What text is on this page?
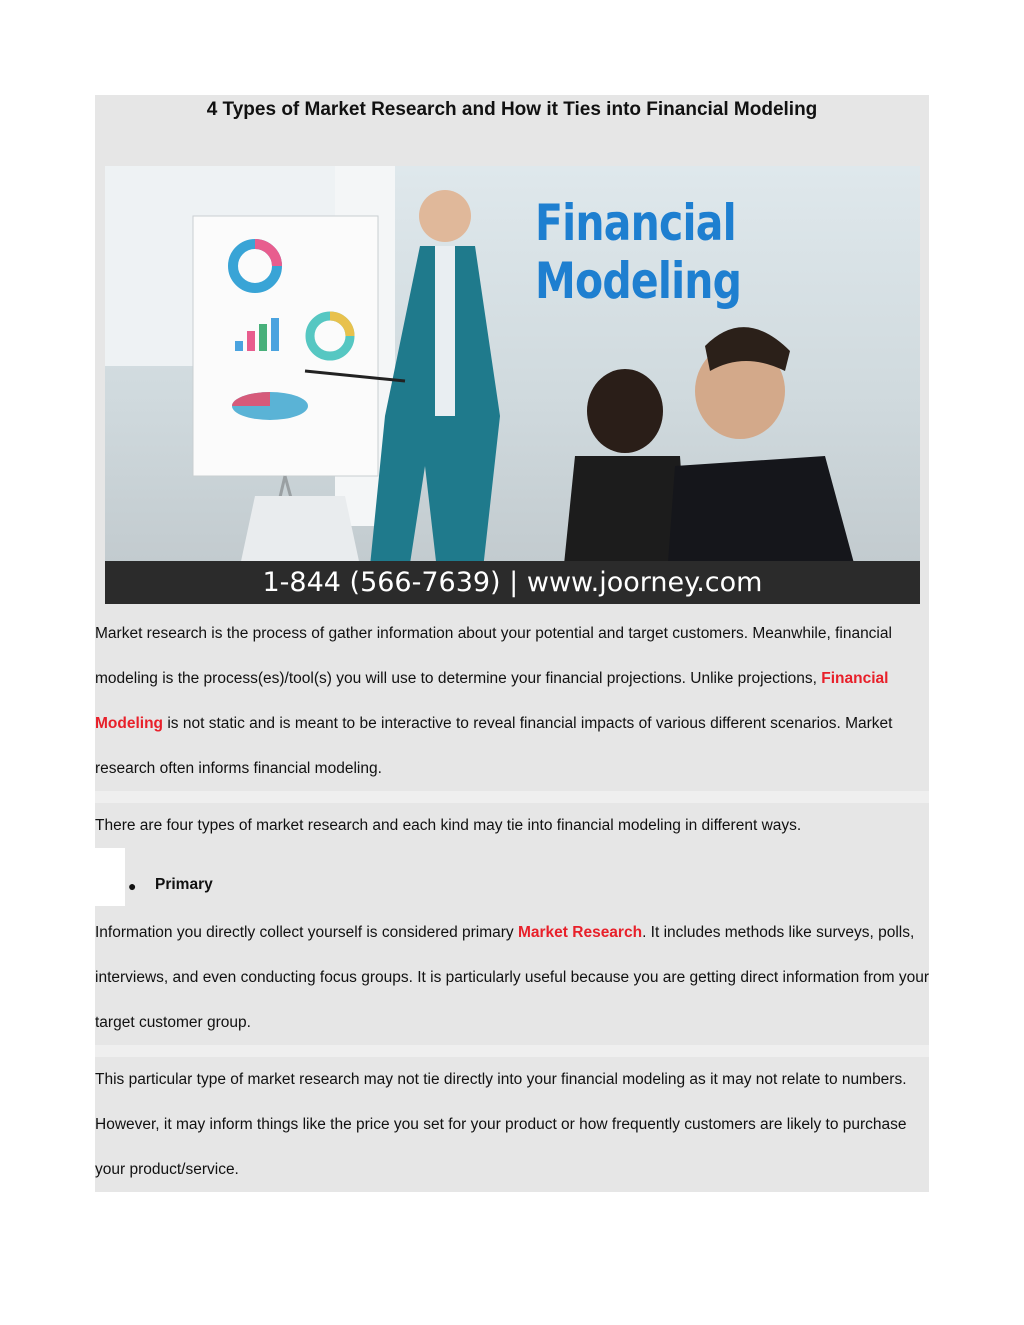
4 Types of Market Research and How it Ties into Financial Modeling
Financial Modeling
1-844 (566-7639) | www.joorney.com
Market research is the process of gather information about your potential and target customers. Meanwhile, financial modeling is the process(es)/tool(s) you will use to determine your financial projections. Unlike projections, Financial Modeling is not static and is meant to be interactive to reveal financial impacts of various different scenarios. Market research often informs financial modeling.
There are four types of market research and each kind may tie into financial modeling in different ways.
● Primary
Information you directly collect yourself is considered primary Market Research. It includes methods like surveys, polls, interviews, and even conducting focus groups. It is particularly useful because you are getting direct information from your target customer group.
This particular type of market research may not tie directly into your financial modeling as it may not relate to numbers. However, it may inform things like the price you set for your product or how frequently customers are likely to purchase your product/service.
